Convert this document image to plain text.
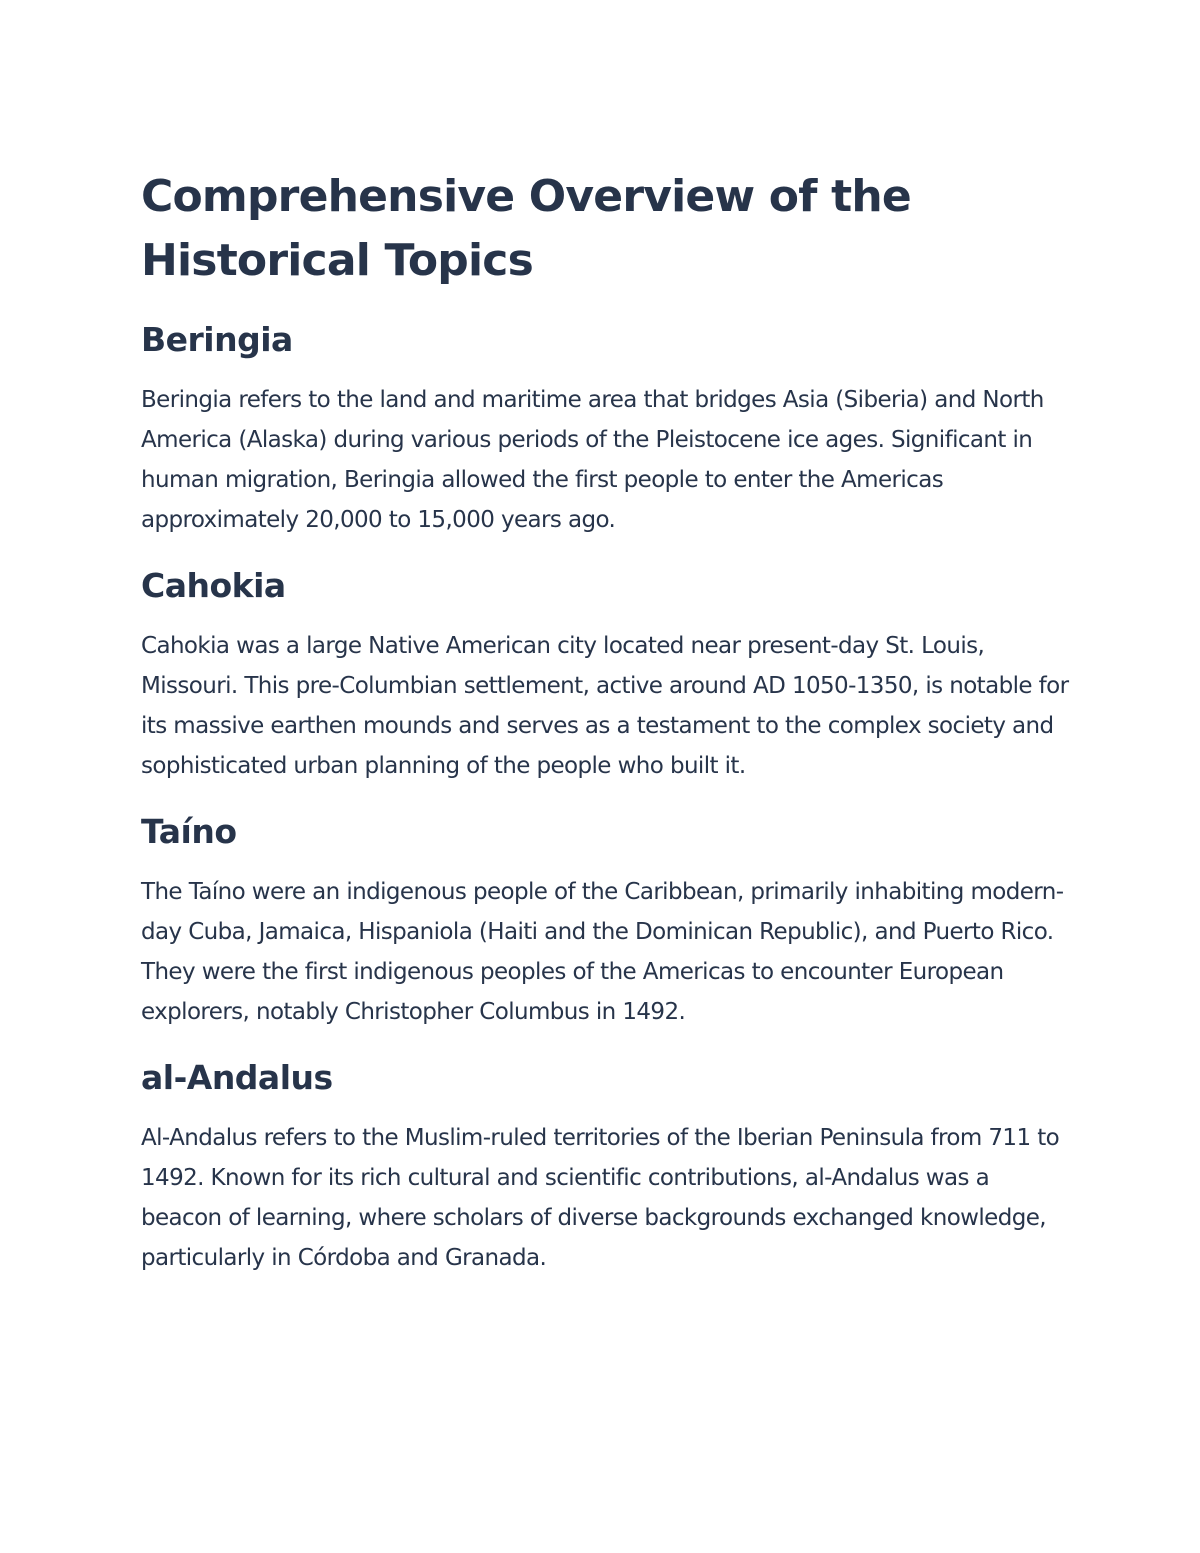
Comprehensive Overview of the Historical Topics
Beringia

Beringia refers to the land and maritime area that bridges Asia (Siberia) and North America (Alaska) during various periods of the Pleistocene ice ages. Significant in human migration, Beringia allowed the first people to enter the Americas approximately 20,000 to 15,000 years ago.

Cahokia

Cahokia was a large Native American city located near present-day St. Louis, Missouri. This pre-Columbian settlement, active around AD 1050-1350, is notable for its massive earthen mounds and serves as a testament to the complex society and sophisticated urban planning of the people who built it.

Taíno

The Taíno were an indigenous people of the Caribbean, primarily inhabiting modern-day Cuba, Jamaica, Hispaniola (Haiti and the Dominican Republic), and Puerto Rico. They were the first indigenous peoples of the Americas to encounter European explorers, notably Christopher Columbus in 1492.

al-Andalus

Al-Andalus refers to the Muslim-ruled territories of the Iberian Peninsula from 711 to 1492. Known for its rich cultural and scientific contributions, al-Andalus was a beacon of learning, where scholars of diverse backgrounds exchanged knowledge, particularly in Córdoba and Granada.
